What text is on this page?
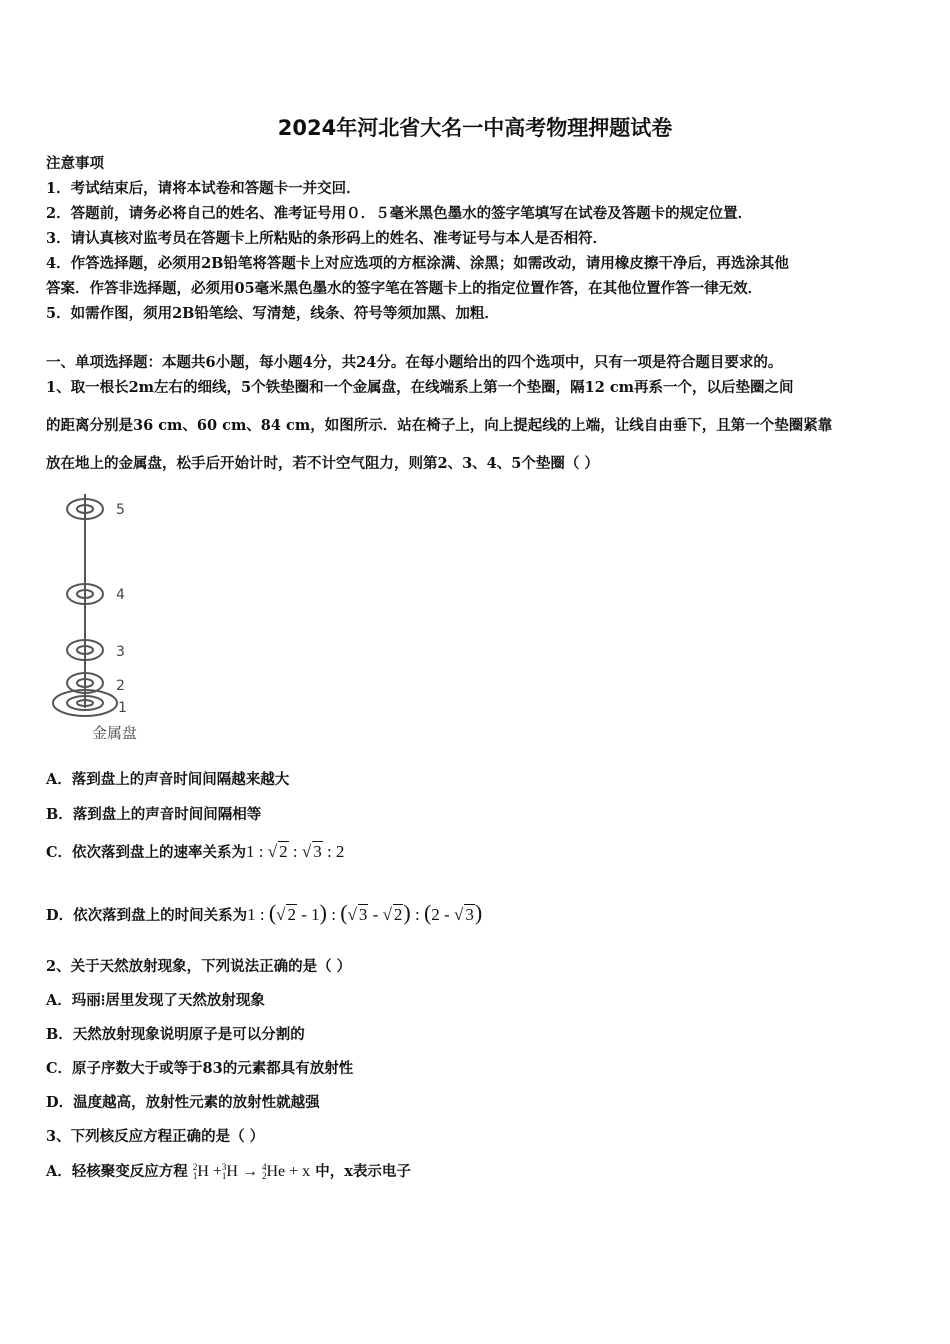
2024年河北省大名一中高考物理押题试卷
注意事项
1．考试结束后，请将本试卷和答题卡一并交回．
2．答题前，请务必将自己的姓名、准考证号用０．５毫米黑色墨水的签字笔填写在试卷及答题卡的规定位置．
3．请认真核对监考员在答题卡上所粘贴的条形码上的姓名、准考证号与本人是否相符．
4．作答选择题，必须用2B铅笔将答题卡上对应选项的方框涂满、涂黑；如需改动，请用橡皮擦干净后，再选涂其他
答案．作答非选择题，必须用05毫米黑色墨水的签字笔在答题卡上的指定位置作答，在其他位置作答一律无效．
5．如需作图，须用2B铅笔绘、写清楚，线条、符号等须加黑、加粗．
一、单项选择题：本题共6小题，每小题4分，共24分。在每小题给出的四个选项中，只有一项是符合题目要求的。
1、取一根长2m左右的细线，5个铁垫圈和一个金属盘，在线端系上第一个垫圈，隔12 cm再系一个，以后垫圈之间
的距离分别是36 cm、60 cm、84 cm，如图所示．站在椅子上，向上提起线的上端，让线自由垂下，且第一个垫圈紧靠
放在地上的金属盘，松手后开始计时，若不计空气阻力，则第2、3、4、5个垫圈（ ）
5
4
3
2
1
金属盘
A．落到盘上的声音时间间隔越来越大
B．落到盘上的声音时间间隔相等
C．依次落到盘上的速率关系为1 : √ 2 : √ 3 : 2
D．依次落到盘上的时间关系为1 : (√ 2 - 1) : (√ 3 - √ 2) : (2 - √ 3)
2、关于天然放射现象，下列说法正确的是（ ）
A．玛丽⁝居里发现了天然放射现象
B．天然放射现象说明原子是可以分割的
C．原子序数大于或等于83的元素都具有放射性
D．温度越高，放射性元素的放射性就越强
3、下列核反应方程正确的是（ ）
A．轻核聚变反应方程 2
1H +3
1H → 4
2He + x 中，x表示电子
